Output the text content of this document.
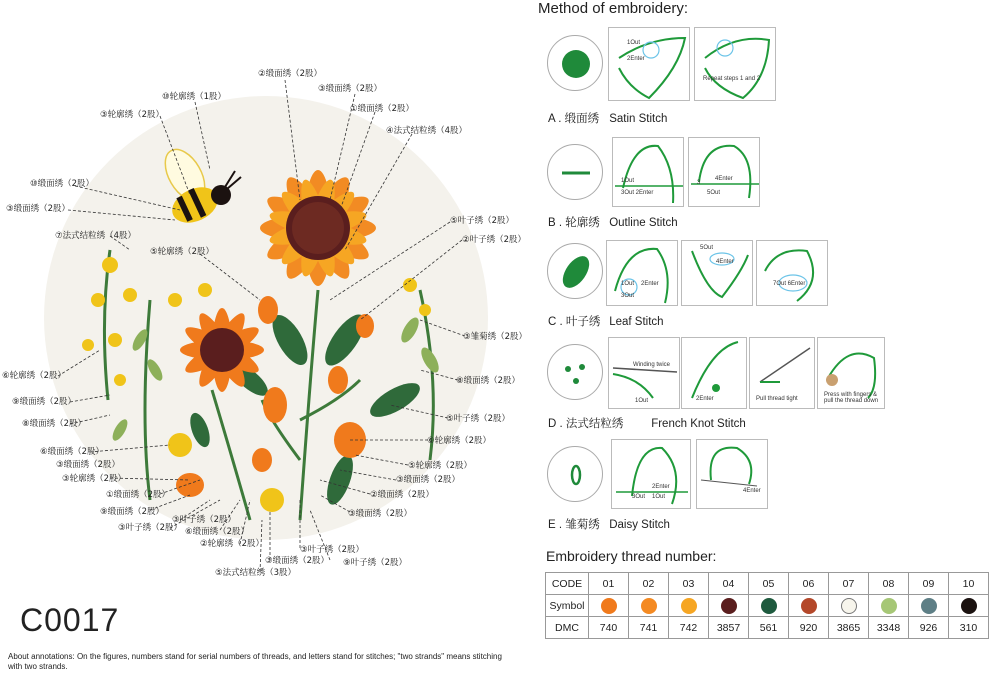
②缎面绣（2股）
③缎面绣（2股）
⑩轮廓绣（1股）
①缎面绣（2股）
③轮廓绣（2股）
④法式结粒绣（4股）
⑩缎面绣（2股）
③缎面绣（2股）
⑦法式结粒绣（4股）
⑤轮廓绣（2股）
⑤叶子绣（2股）
②叶子绣（2股）
③雏菊绣（2股）
⑥轮廓绣（2股）	⑧缎面绣（2股）
⑨缎面绣（2股）
⑤叶子绣（2股）
⑧缎面绣（2股）
⑥轮廓绣（2股）
⑥缎面绣（2股）
③缎面绣（2股）	⑤轮廓绣（2股）
③轮廓绣（2股）	③缎面绣（2股）
①缎面绣（2股）	②缎面绣（2股）
⑨缎面绣（2股）	③缎面绣（2股）
③叶子绣（2股） ⑥缎面绣（2股）
②轮廓绣（2股）
③叶子绣（2股）
③缎面绣（2股） ⑨叶子绣（2股）
⑤法式结粒绣（3股）
③叶子绣（2股）
C0017
About annotations: On the figures, numbers stand for serial numbers of threads, and letters stand for stitches; "two strands" means stitching with two strands.
Method of embroidery:
1Out
2Enter
Repeat steps 1 and 2
A . 缎面绣 Satin Stitch
1Out
3Out 2Enter
4Enter
3
5Out
B . 轮廓绣 Outline Stitch
1Out 2Enter
3Out
5Out
4Enter
7Out 6Enter
C . 叶子绣 Leaf Stitch
Winding twice
1Out	2Enter	Pull thread tight
Press with fingers & pull the thread down
D . 法式结粒绣 French Knot Stitch
2Enter
3Out 1Out
4Enter
E . 雏菊绣 Daisy Stitch
Embroidery thread number:
CODE	01	02	03	04	05	06	07	08	09	10
Symbol										
DMC	740	741	742	3857	561	920	3865	3348	926	310
